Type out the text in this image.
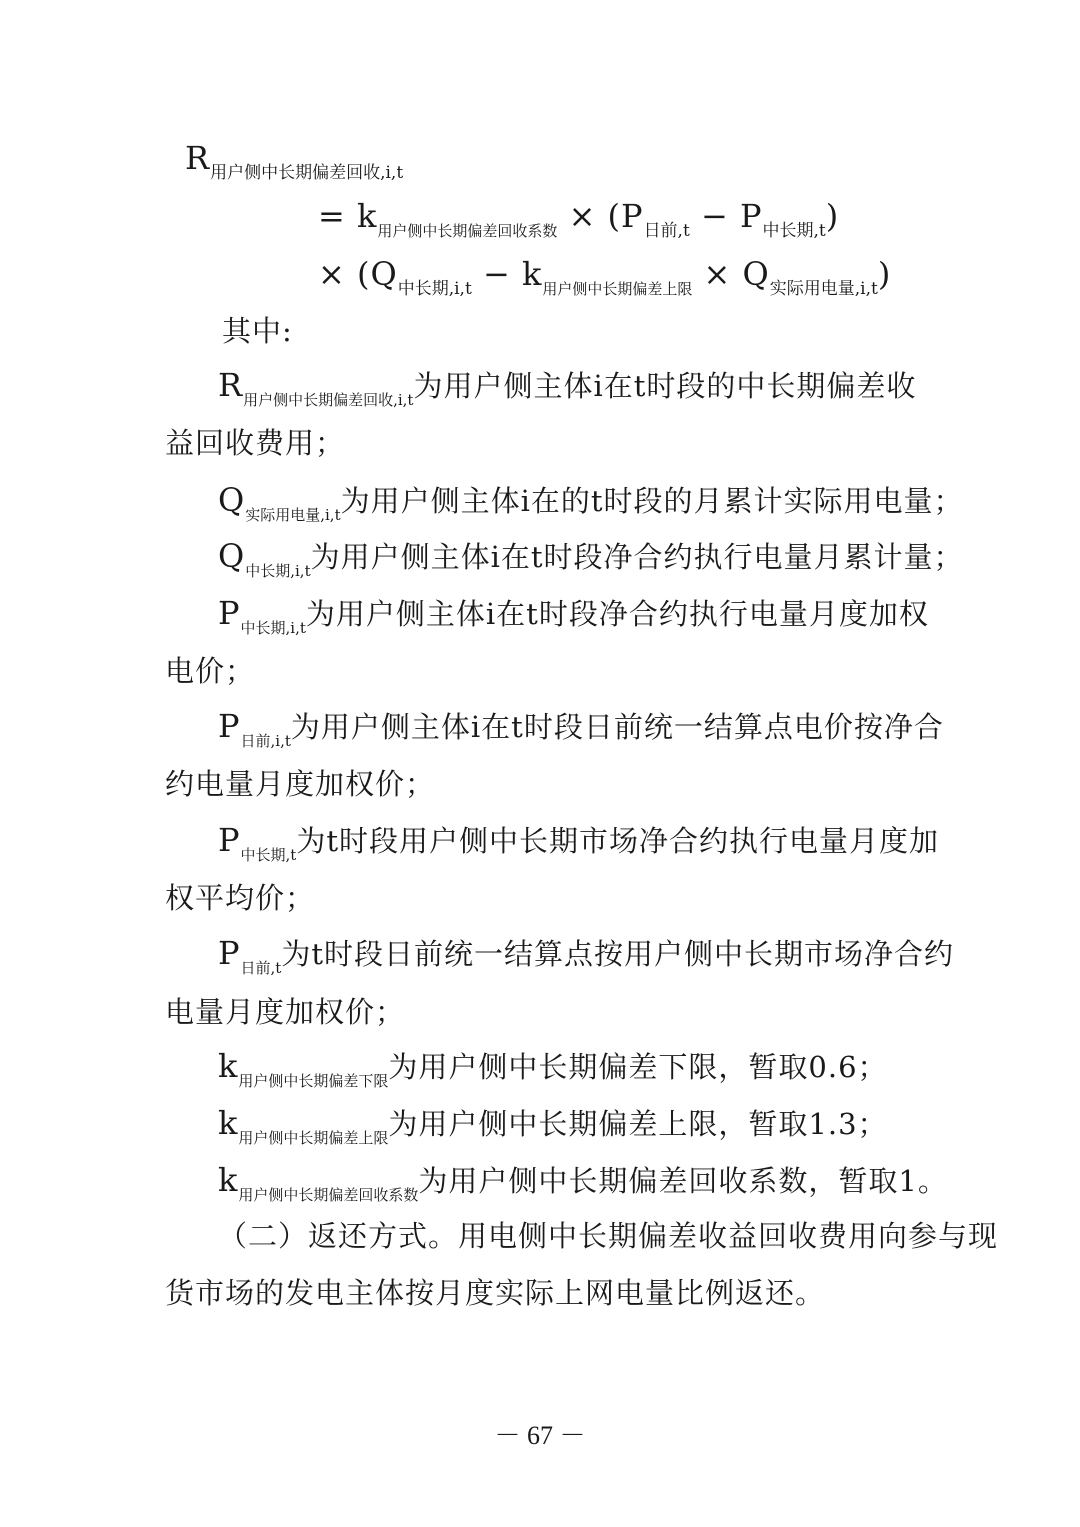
$R_{用户侧中长期偏差回收,i,t}$
= $k_{用户侧中长期偏差回收系数} \times (P_{日前,t} - P_{中长期,t})$
× $(Q_{中长期,i,t} - k_{用户侧中长期偏差上限} \times Q_{实际用电量,i,t})$
其中:
$R_{用户侧中长期偏差回收,i,t}$为用户侧主体i在t时段的中长期偏差收
益回收费用；
$Q_{实际用电量,i,t}$为用户侧主体i在的t时段的月累计实际用电量；
$Q_{中长期,i,t}$为用户侧主体i在t时段净合约执行电量月累计量；
$P_{中长期,i,t}$为用户侧主体i在t时段净合约执行电量月度加权
电价；
$P_{日前,i,t}$为用户侧主体i在t时段日前统一结算点电价按净合
约电量月度加权价；
$P_{中长期,t}$为t时段用户侧中长期市场净合约执行电量月度加
权平均价；
$P_{日前,t}$为t时段日前统一结算点按用户侧中长期市场净合约
电量月度加权价；
$k_{用户侧中长期偏差下限}$为用户侧中长期偏差下限，暂取0.6；
$k_{用户侧中长期偏差上限}$为用户侧中长期偏差上限，暂取1.3；
$k_{用户侧中长期偏差回收系数}$为用户侧中长期偏差回收系数，暂取1。
（二）返还方式。用电侧中长期偏差收益回收费用向参与现
货市场的发电主体按月度实际上网电量比例返还。
－ 67 －
